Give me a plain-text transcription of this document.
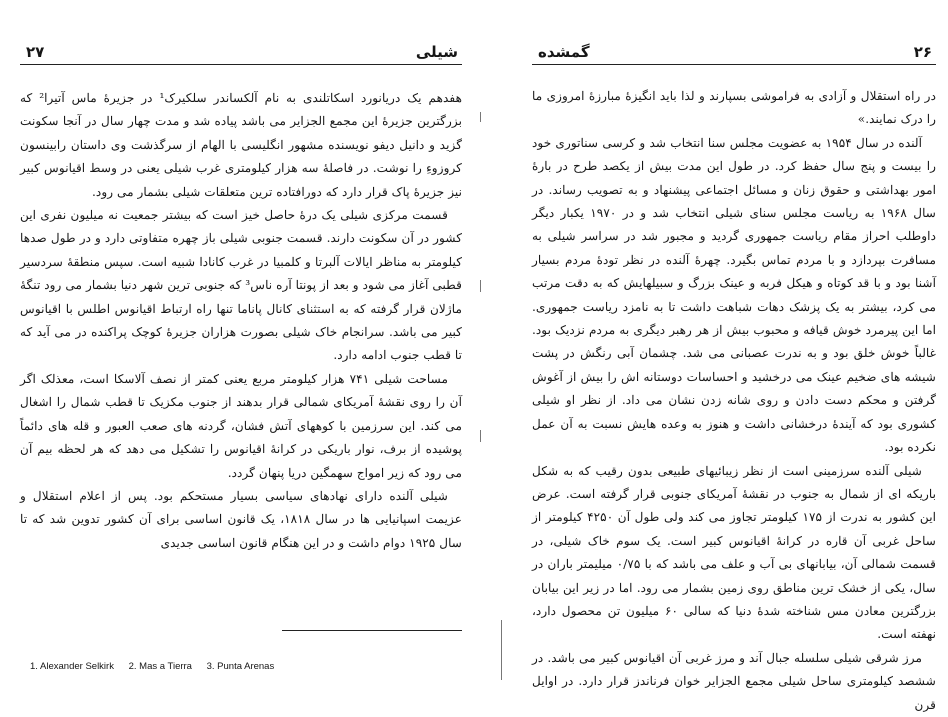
۲۷	شیلی

هفدهم یک دریانورد اسکاتلندی به نام آلکساندر سلکیرک¹ در جزیرهٔ ماس آتیرا² که بزرگترین جزیرهٔ این مجمع الجزایر می باشد پیاده شد و مدت چهار سال در آنجا سکونت گزید و دانیل دیفو نویسنده مشهور انگلیسی با الهام از سرگذشت وی داستان رابینسون کروزوءِ را نوشت. در فاصلهٔ سه هزار کیلومتری غرب شیلی یعنی در وسط اقیانوس کبیر نیز جزیرهٔ پاک قرار دارد که دورافتاده ترین متعلقات شیلی بشمار می رود.

قسمت مرکزی شیلی یک درهٔ حاصل خیز است که بیشتر جمعیت نه میلیون نفری این کشور در آن سکونت دارند. قسمت جنوبی شیلی باز چهره متفاوتی دارد و در طول صدها کیلومتر به مناظر ایالات آلبرتا و کلمبیا در غرب کانادا شبیه است. سپس منطقهٔ سردسیر قطبی آغاز می شود و بعد از پونتا آره ناس³ که جنوبی ترین شهر دنیا بشمار می رود تنگهٔ ماژلان قرار گرفته که به استثنای کانال پاناما تنها راه ارتباط اقیانوس اطلس با اقیانوس کبیر می باشد. سرانجام خاک شیلی بصورت هزاران جزیرهٔ کوچک پراکنده در می آید که تا قطب جنوب ادامه دارد.

مساحت شیلی ۷۴۱ هزار کیلومتر مربع یعنی کمتر از نصف آلاسکا است، معذلک اگر آن را روی نقشهٔ آمریکای شمالی قرار بدهند از جنوب مکزیک تا قطب شمال را اشغال می کند. این سرزمین با کوههای آتش فشان، گردنه های صعب العبور و قله های دائماً پوشیده از برف، نوار باریکی در کرانهٔ اقیانوس را تشکیل می دهد که هر لحظه بیم آن می رود که زیر امواج سهمگین دریا پنهان گردد.

شیلی آلنده دارای نهادهای سیاسی بسیار مستحکم بود. پس از اعلام استقلال و عزیمت اسپانیایی ها در سال ۱۸۱۸، یک قانون اساسی برای آن کشور تدوین شد که تا سال ۱۹۲۵ دوام داشت و در این هنگام قانون اساسی جدیدی

1. Alexander Selkirk 2. Mas a Tierra 3. Punta Arenas
گمشده	۲۶

در راه استقلال و آزادی به فراموشی بسپارند و لذا باید انگیزهٔ مبارزهٔ امروزی ما را درک نمایند.»

آلنده در سال ۱۹۵۴ به عضویت مجلس سنا انتخاب شد و کرسی سناتوری خود را بیست و پنج سال حفظ کرد. در طول این مدت بیش از یکصد طرح در بارهٔ امور بهداشتی و حقوق زنان و مسائل اجتماعی پیشنهاد و به تصویب رساند. در سال ۱۹۶۸ به ریاست مجلس سنای شیلی انتخاب شد و در ۱۹۷۰ یکبار دیگر داوطلب احراز مقام ریاست جمهوری گردید و مجبور شد در سراسر شیلی به مسافرت بپردازد و با مردم تماس بگیرد. چهرهٔ آلنده در نظر تودهٔ مردم بسیار آشنا بود و با قد کوتاه و هیکل فربه و عینک بزرگ و سبیلهایش که به دقت مرتب می کرد، بیشتر به یک پزشک دهات شباهت داشت تا به نامزد ریاست جمهوری. اما این پیرمرد خوش قیافه و محبوب بیش از هر رهبر دیگری به مردم نزدیک بود. غالباً خوش خلق بود و به ندرت عصبانی می شد. چشمان آبی رنگش در پشت شیشه های ضخیم عینک می درخشید و احساسات دوستانه اش را بیش از آغوش گرفتن و محکم دست دادن و روی شانه زدن نشان می داد. از نظر او شیلی کشوری بود که آیندهٔ درخشانی داشت و هنوز به وعده هایش نسبت به آن عمل نکرده بود.

شیلی آلنده سرزمینی است از نظر زیبائیهای طبیعی بدون رقیب که به شکل باریکه ای از شمال به جنوب در نقشهٔ آمریکای جنوبی قرار گرفته است. عرض این کشور به ندرت از ۱۷۵ کیلومتر تجاوز می کند ولی طول آن ۴۲۵۰ کیلومتر از ساحل غربی آن قاره در کرانهٔ اقیانوس کبیر است. یک سوم خاک شیلی، در قسمت شمالی آن، بیابانهای بی آب و علف می باشد که با ۰/۷۵ میلیمتر باران در سال، یکی از خشک ترین مناطق روی زمین بشمار می رود. اما در زیر این بیابان بزرگترین معادن مس شناخته شدهٔ دنیا که سالی ۶۰ میلیون تن محصول دارد، نهفته است.

مرز شرقی شیلی سلسله جبال آند و مرز غربی آن اقیانوس کبیر می باشد. در ششصد کیلومتری ساحل شیلی مجمع الجزایر خوان فرناندز قرار دارد. در اوایل قرن
